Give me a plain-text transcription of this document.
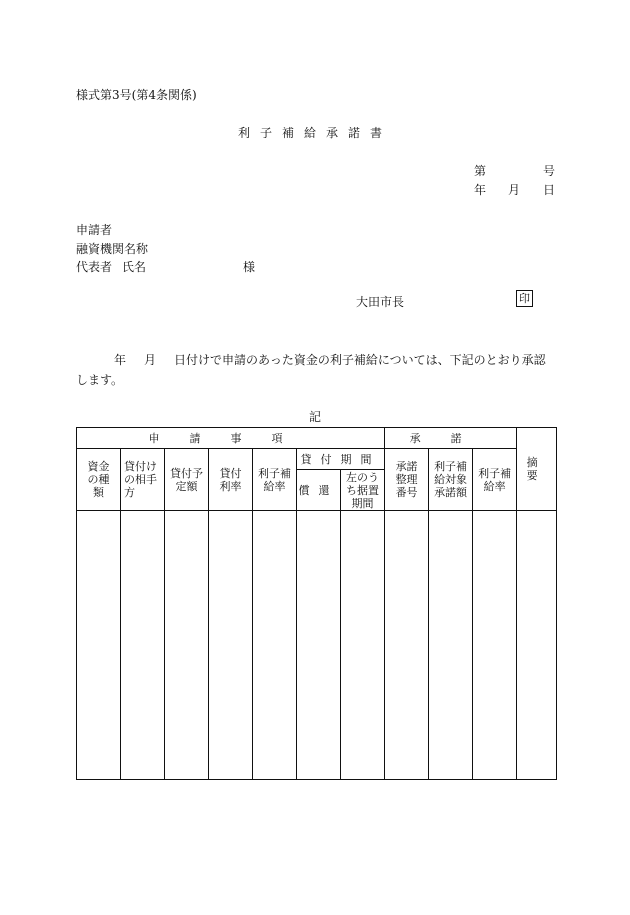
様式第3号(第4条関係)
利子補給承諾書
第	号
年 月 日
申請者
融資機関名称
代表者 氏名	様
大田市長	印
年 月 日付けで申請のあった資金の利子補給については、下記のとおり承認します。
記
申請事項							承諾			摘要
資金の種類	貸付けの相手方	貸付予定額	貸付利率	利子補給率	貸付期間		承諾整理番号	利子補給対象承諾額	利子補給率	
					償還	左のうち据置期間				
